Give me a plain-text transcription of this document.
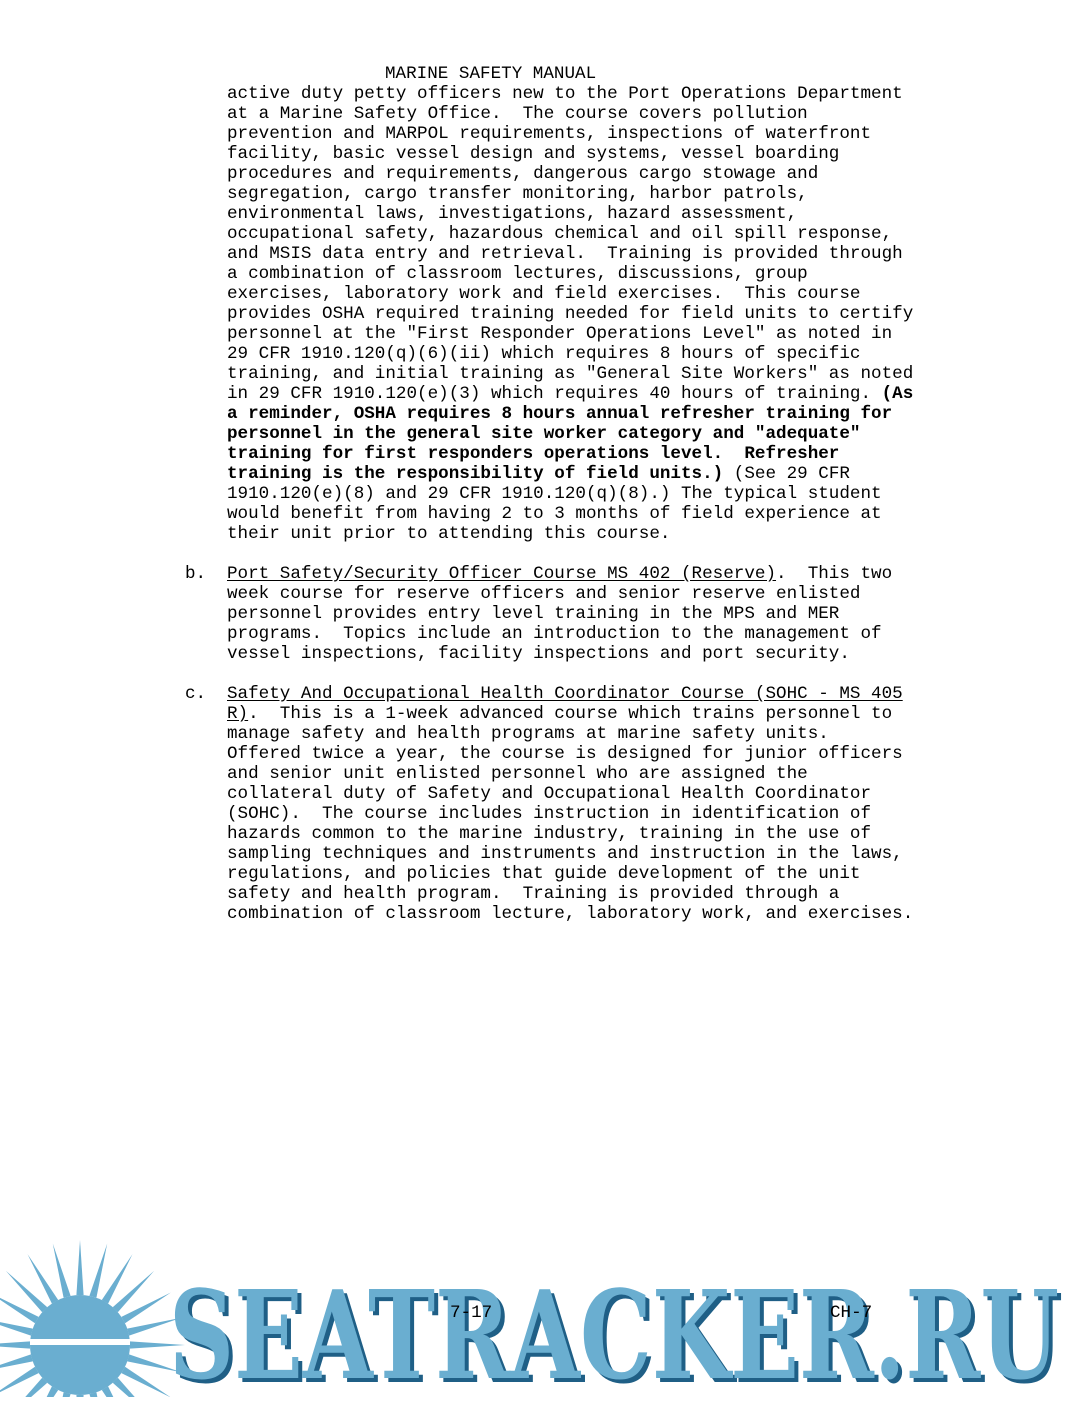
MARINE SAFETY MANUAL
active duty petty officers new to the Port Operations Department
at a Marine Safety Office.  The course covers pollution
prevention and MARPOL requirements, inspections of waterfront
facility, basic vessel design and systems, vessel boarding
procedures and requirements, dangerous cargo stowage and
segregation, cargo transfer monitoring, harbor patrols,
environmental laws, investigations, hazard assessment,
occupational safety, hazardous chemical and oil spill response,
and MSIS data entry and retrieval.  Training is provided through
a combination of classroom lectures, discussions, group
exercises, laboratory work and field exercises.  This course
provides OSHA required training needed for field units to certify
personnel at the "First Responder Operations Level" as noted in
29 CFR 1910.120(q)(6)(ii) which requires 8 hours of specific
training, and initial training as "General Site Workers" as noted
in 29 CFR 1910.120(e)(3) which requires 40 hours of training. (As
a reminder, OSHA requires 8 hours annual refresher training for
personnel in the general site worker category and "adequate"
training for first responders operations level.  Refresher
training is the responsibility of field units.) (See 29 CFR
1910.120(e)(8) and 29 CFR 1910.120(q)(8).) The typical student
would benefit from having 2 to 3 months of field experience at
their unit prior to attending this course.
b. Port Safety/Security Officer Course MS 402 (Reserve).  This two
week course for reserve officers and senior reserve enlisted
personnel provides entry level training in the MPS and MER
programs.  Topics include an introduction to the management of
vessel inspections, facility inspections and port security.
c. Safety And Occupational Health Coordinator Course (SOHC - MS 405
R).  This is a 1-week advanced course which trains personnel to
manage safety and health programs at marine safety units.
Offered twice a year, the course is designed for junior officers
and senior unit enlisted personnel who are assigned the
collateral duty of Safety and Occupational Health Coordinator
(SOHC).  The course includes instruction in identification of
hazards common to the marine industry, training in the use of
sampling techniques and instruments and instruction in the laws,
regulations, and policies that guide development of the unit
safety and health program.  Training is provided through a
combination of classroom lecture, laboratory work, and exercises.
SEATRACKER.RU
SEATRACKER.RU
7-17	CH-7
